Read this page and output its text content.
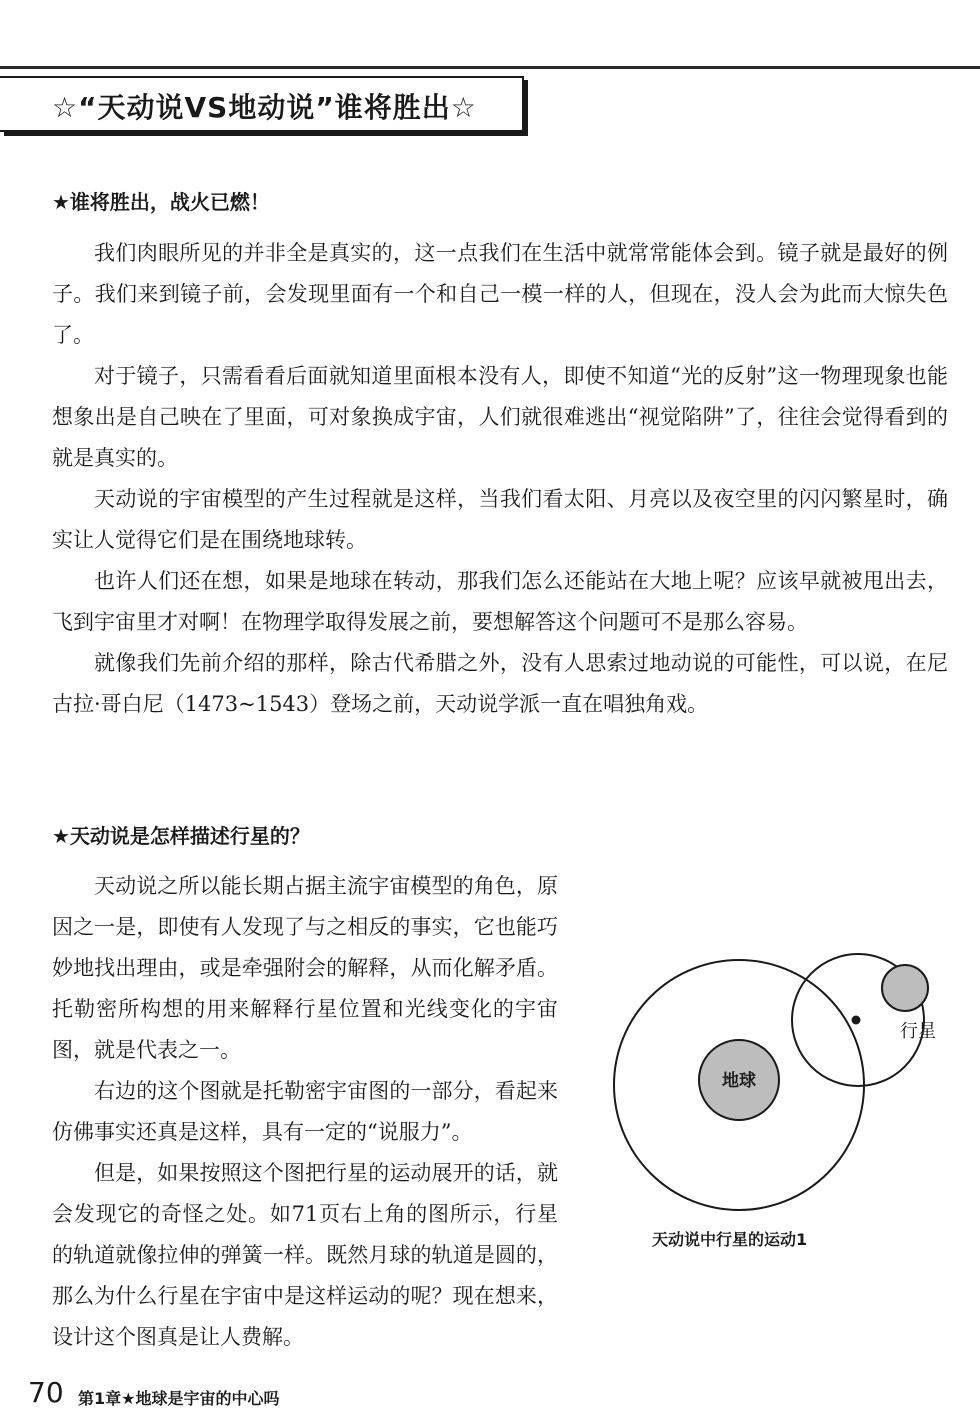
☆“天动说VS地动说”谁将胜出☆
★谁将胜出，战火已燃！

我们肉眼所见的并非全是真实的，这一点我们在生活中就常常能体会到。镜子就是最好的例子。我们来到镜子前，会发现里面有一个和自己一模一样的人，但现在，没人会为此而大惊失色了。

对于镜子，只需看看后面就知道里面根本没有人，即使不知道“光的反射”这一物理现象也能想象出是自己映在了里面，可对象换成宇宙，人们就很难逃出“视觉陷阱”了，往往会觉得看到的就是真实的。

天动说的宇宙模型的产生过程就是这样，当我们看太阳、月亮以及夜空里的闪闪繁星时，确实让人觉得它们是在围绕地球转。

也许人们还在想，如果是地球在转动，那我们怎么还能站在大地上呢？应该早就被甩出去，飞到宇宙里才对啊！在物理学取得发展之前，要想解答这个问题可不是那么容易。

就像我们先前介绍的那样，除古代希腊之外，没有人思索过地动说的可能性，可以说，在尼古拉·哥白尼（1473~1543）登场之前，天动说学派一直在唱独角戏。

★天动说是怎样描述行星的？

天动说之所以能长期占据主流宇宙模型的角色，原因之一是，即使有人发现了与之相反的事实，它也能巧妙地找出理由，或是牵强附会的解释，从而化解矛盾。托勒密所构想的用来解释行星位置和光线变化的宇宙图，就是代表之一。

右边的这个图就是托勒密宇宙图的一部分，看起来仿佛事实还真是这样，具有一定的“说服力”。

但是，如果按照这个图把行星的运动展开的话，就会发现它的奇怪之处。如71页右上角的图所示，行星的轨道就像拉伸的弹簧一样。既然月球的轨道是圆的，那么为什么行星在宇宙中是这样运动的呢？现在想来，设计这个图真是让人费解。

地球
行星
天动说中行星的运动1
70 第1章★地球是宇宙的中心吗
